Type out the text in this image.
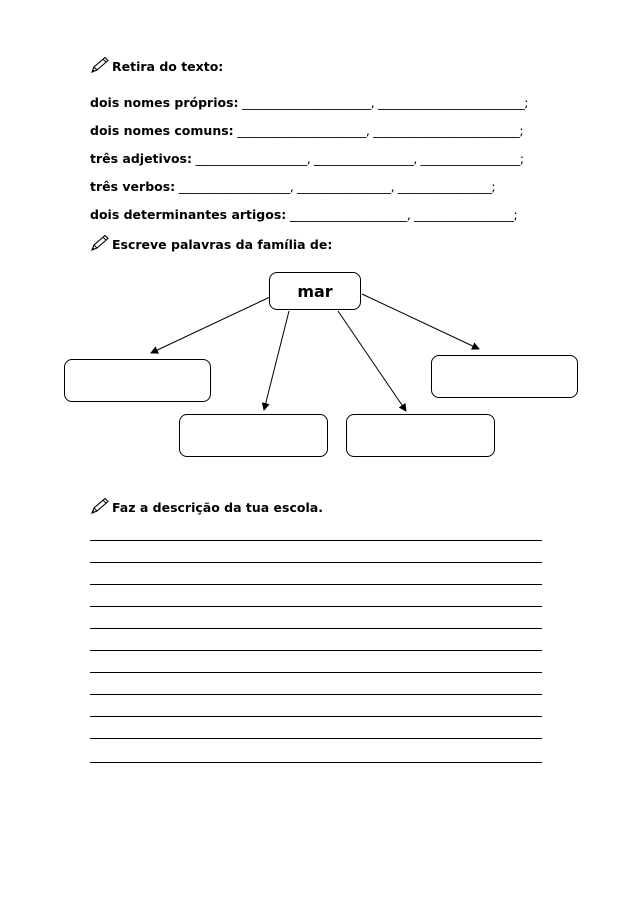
Retira do texto:
dois nomes próprios: ______________________, _________________________;
dois nomes comuns: ______________________, _________________________;
três adjetivos: ___________________, _________________, _________________;
três verbos: ___________________, ________________, ________________;
dois determinantes artigos: ____________________, _________________;
Escreve palavras da família de:
mar
Faz a descrição da tua escola.
